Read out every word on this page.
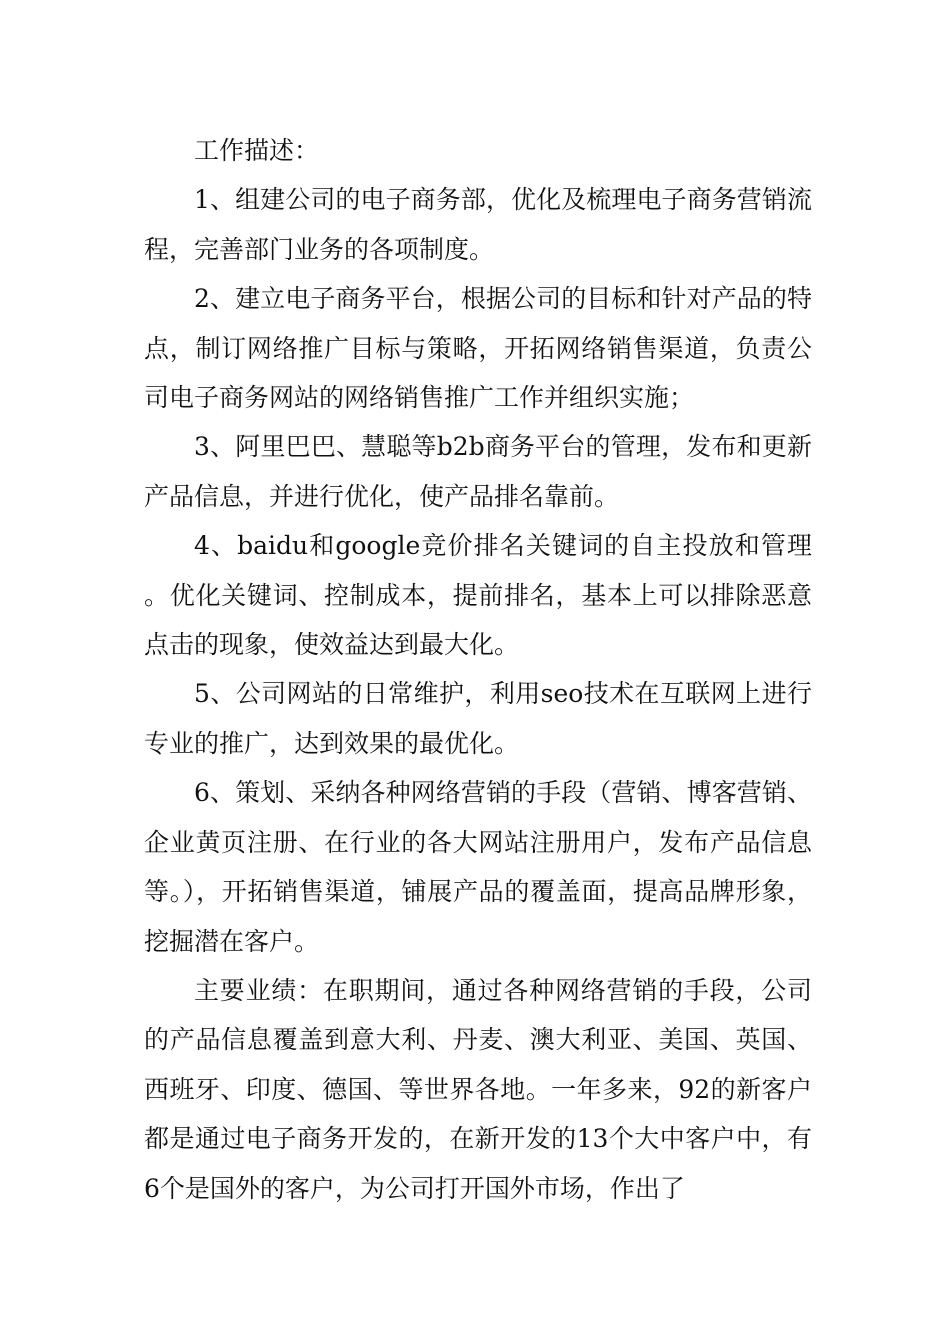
工作描述：

1、组建公司的电子商务部，优化及梳理电子商务营销流程，完善部门业务的各项制度。

2、建立电子商务平台，根据公司的目标和针对产品的特点，制订网络推广目标与策略，开拓网络销售渠道，负责公司电子商务网站的网络销售推广工作并组织实施；

3、阿里巴巴、慧聪等b2b商务平台的管理，发布和更新产品信息，并进行优化，使产品排名靠前。

4、baidu和google竞价排名关键词的自主投放和管理。优化关键词、控制成本，提前排名，基本上可以排除恶意点击的现象，使效益达到最大化。

5、公司网站的日常维护，利用seo技术在互联网上进行专业的推广，达到效果的最优化。

6、策划、采纳各种网络营销的手段（营销、博客营销、企业黄页注册、在行业的各大网站注册用户，发布产品信息等。），开拓销售渠道，铺展产品的覆盖面，提高品牌形象，挖掘潜在客户。

主要业绩：在职期间，通过各种网络营销的手段，公司的产品信息覆盖到意大利、丹麦、澳大利亚、美国、英国、西班牙、印度、德国、等世界各地。一年多来，92的新客户都是通过电子商务开发的，在新开发的13个大中客户中，有6个是国外的客户，为公司打开国外市场，作出了
